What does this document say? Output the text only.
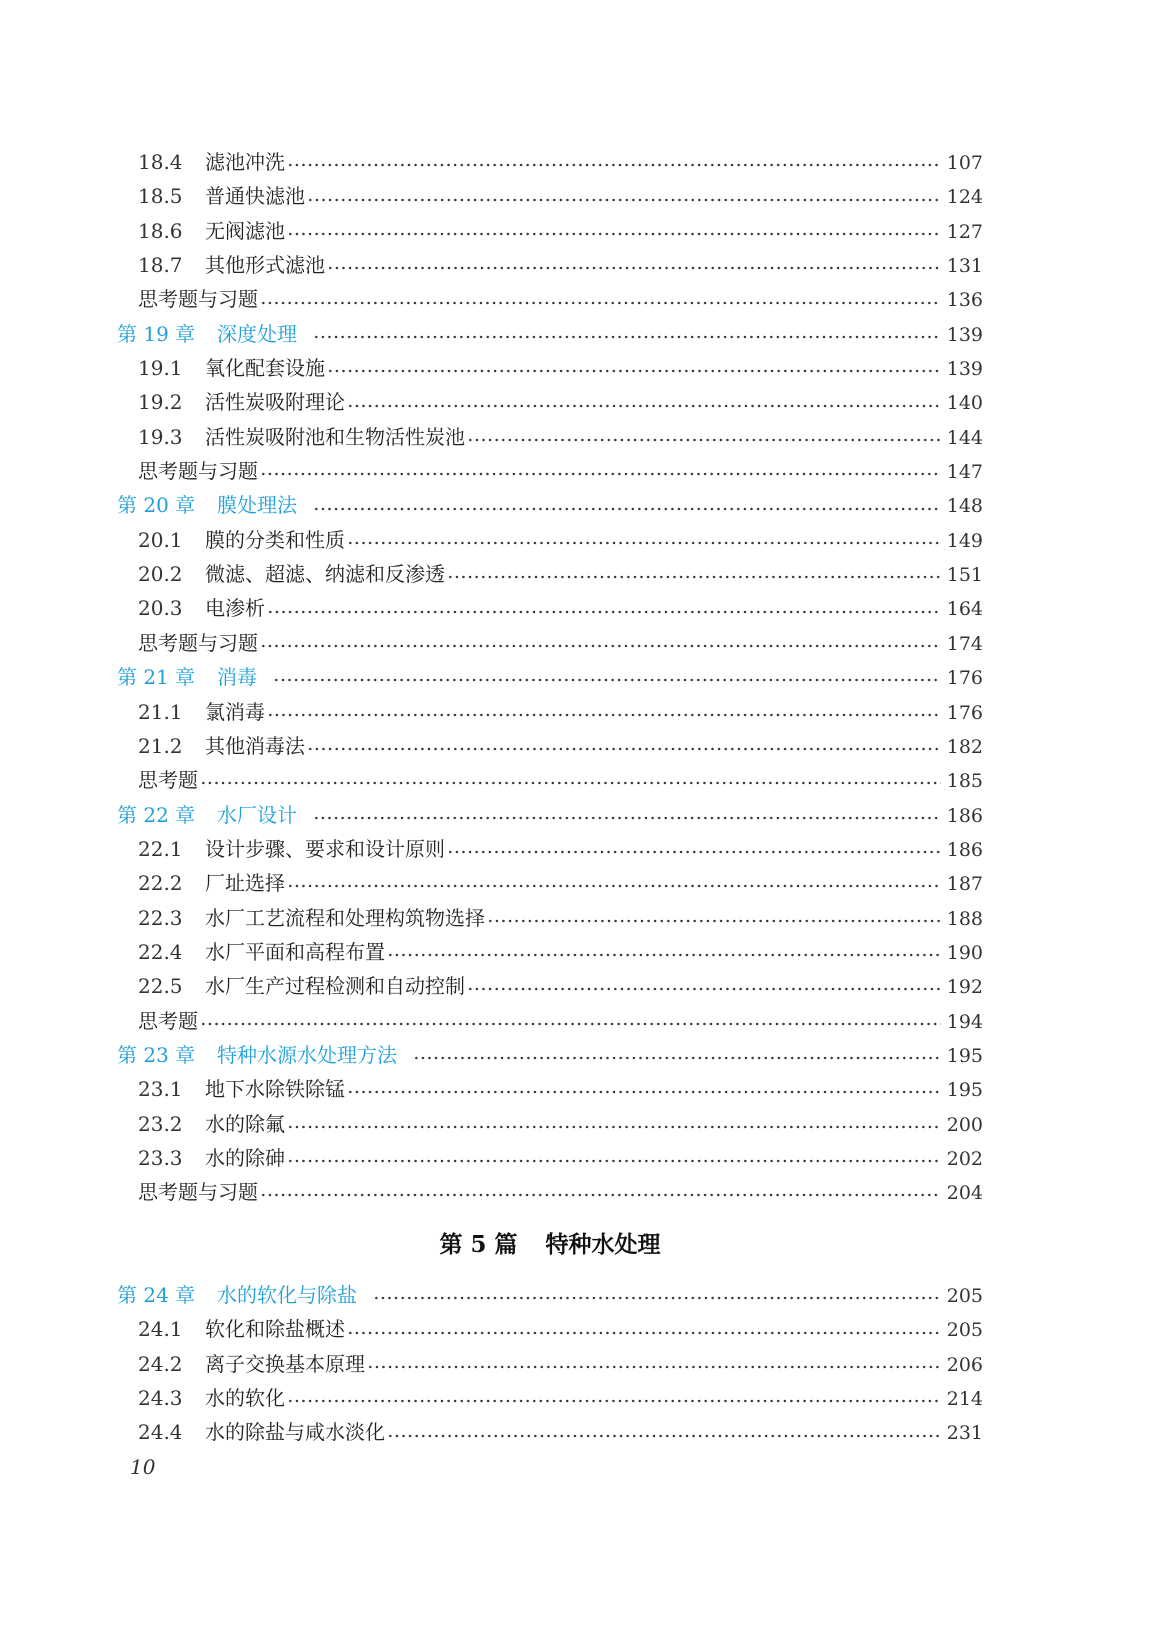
18.4	滤池冲洗	107
18.5	普通快滤池	124
18.6	无阀滤池	127
18.7	其他形式滤池	131
思考题与习题	136
第 19 章	深度处理	139
19.1	氧化配套设施	139
19.2	活性炭吸附理论	140
19.3	活性炭吸附池和生物活性炭池	144
思考题与习题	147
第 20 章	膜处理法	148
20.1	膜的分类和性质	149
20.2	微滤、超滤、纳滤和反渗透	151
20.3	电渗析	164
思考题与习题	174
第 21 章	消毒	176
21.1	氯消毒	176
21.2	其他消毒法	182
思考题	185
第 22 章	水厂设计	186
22.1	设计步骤、要求和设计原则	186
22.2	厂址选择	187
22.3	水厂工艺流程和处理构筑物选择	188
22.4	水厂平面和高程布置	190
22.5	水厂生产过程检测和自动控制	192
思考题	194
第 23 章	特种水源水处理方法	195
23.1	地下水除铁除锰	195
23.2	水的除氟	200
23.3	水的除砷	202
思考题与习题	204
第 5 篇 特种水处理
第 24 章	水的软化与除盐	205
24.1	软化和除盐概述	205
24.2	离子交换基本原理	206
24.3	水的软化	214
24.4	水的除盐与咸水淡化	231
10
